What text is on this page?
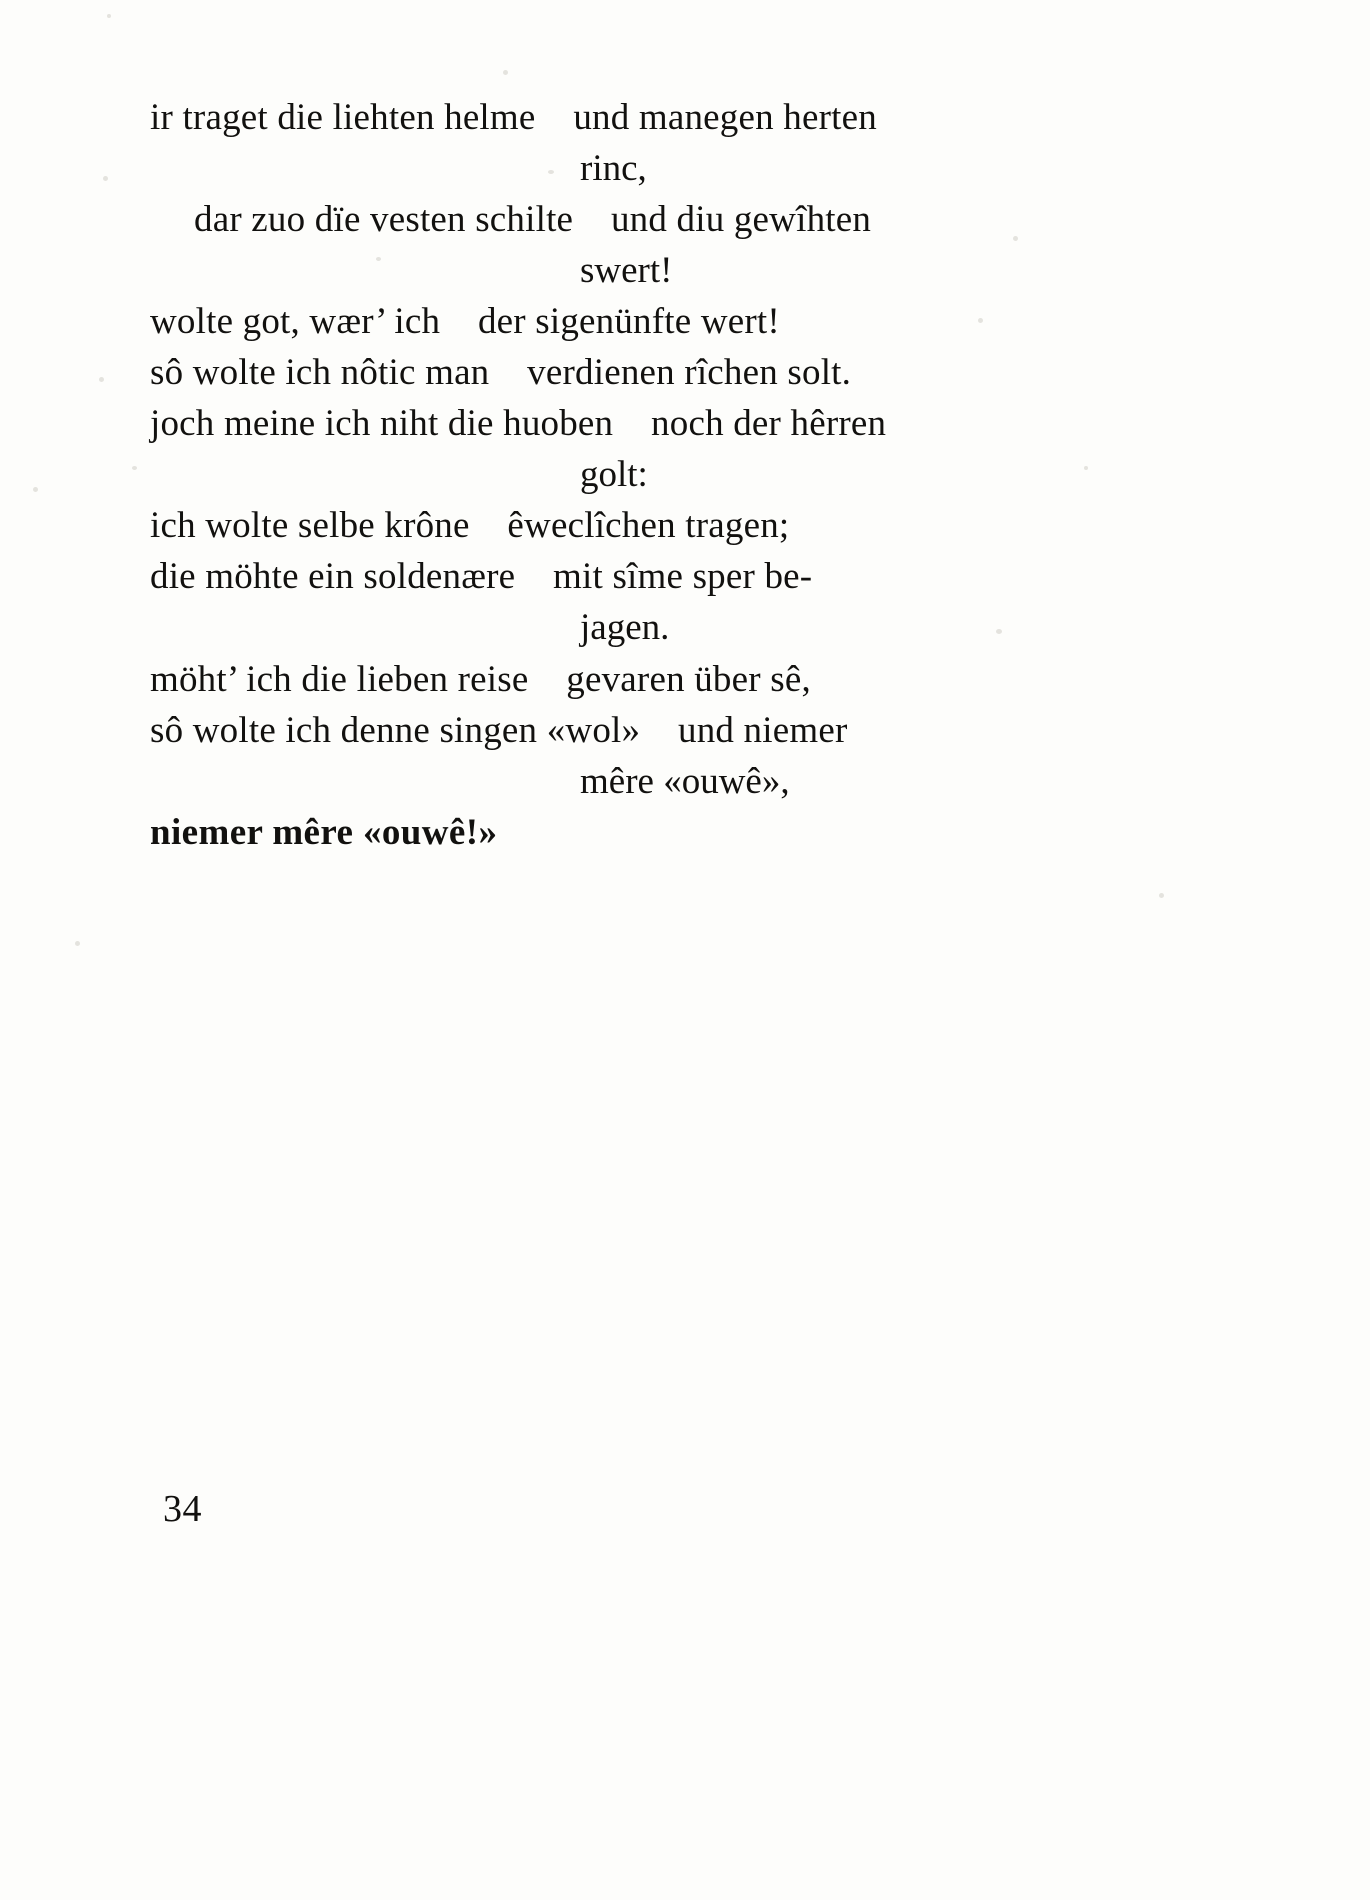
ir traget die liehten helme    und manegen herten

rinc,

dar zuo dïe vesten schilte    und diu gewîhten

swert!

wolte got, wær’ ich    der sigenünfte wert!

sô wolte ich nôtic man    verdienen rîchen solt.

joch meine ich niht die huoben    noch der hêrren

golt:

ich wolte selbe krône    êweclîchen tragen;

die möhte ein soldenære    mit sîme sper be-

jagen.

möht’ ich die lieben reise    gevaren über sê,

sô wolte ich denne singen «wol»    und niemer

mêre «ouwê»,

niemer mêre «ouwê!»

34
